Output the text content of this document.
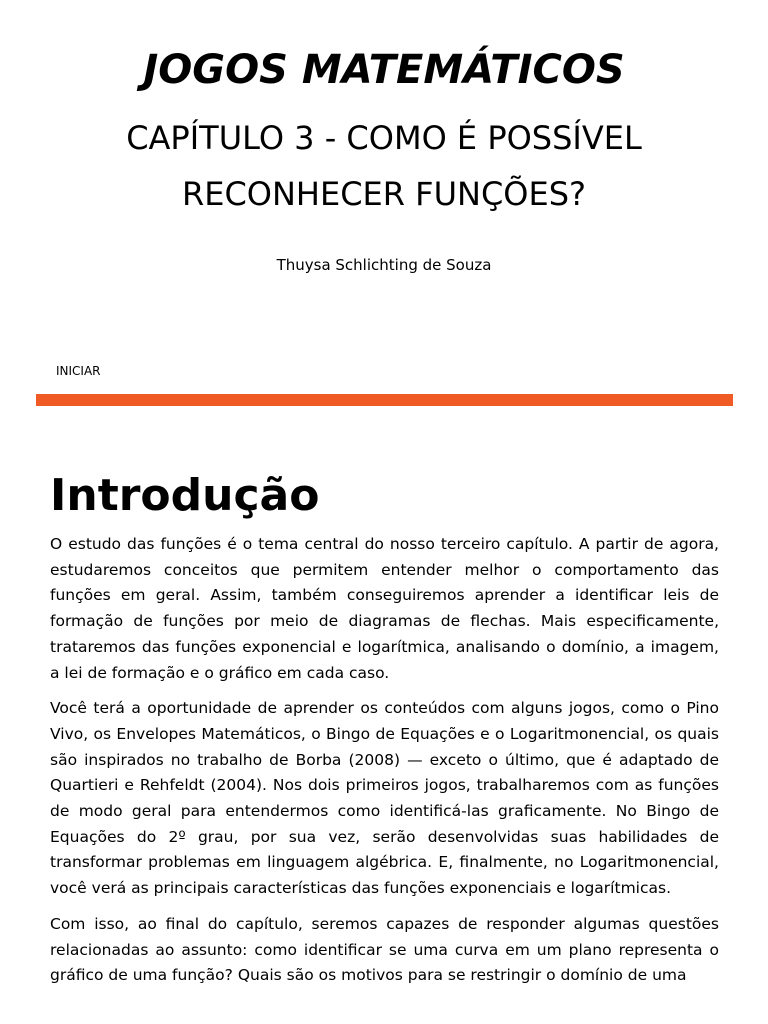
JOGOS MATEMÁTICOS
CAPÍTULO 3 - COMO É POSSÍVEL RECONHECER FUNÇÕES?
Thuysa Schlichting de Souza
INICIAR
Introdução

O estudo das funções é o tema central do nosso terceiro capítulo. A partir de agora, estudaremos conceitos que permitem entender melhor o comportamento das funções em geral. Assim, também conseguiremos aprender a identificar leis de formação de funções por meio de diagramas de flechas. Mais especificamente, trataremos das funções exponencial e logarítmica, analisando o domínio, a imagem, a lei de formação e o gráfico em cada caso.

Você terá a oportunidade de aprender os conteúdos com alguns jogos, como o Pino Vivo, os Envelopes Matemáticos, o Bingo de Equações e o Logaritmonencial, os quais são inspirados no trabalho de Borba (2008) — exceto o último, que é adaptado de Quartieri e Rehfeldt (2004). Nos dois primeiros jogos, trabalharemos com as funções de modo geral para entendermos como identificá-las graficamente. No Bingo de Equações do 2º grau, por sua vez, serão desenvolvidas suas habilidades de transformar problemas em linguagem algébrica. E, finalmente, no Logaritmonencial, você verá as principais características das funções exponenciais e logarítmicas.

Com isso, ao final do capítulo, seremos capazes de responder algumas questões relacionadas ao assunto: como identificar se uma curva em um plano representa o gráfico de uma função? Quais são os motivos para se restringir o domínio de uma
